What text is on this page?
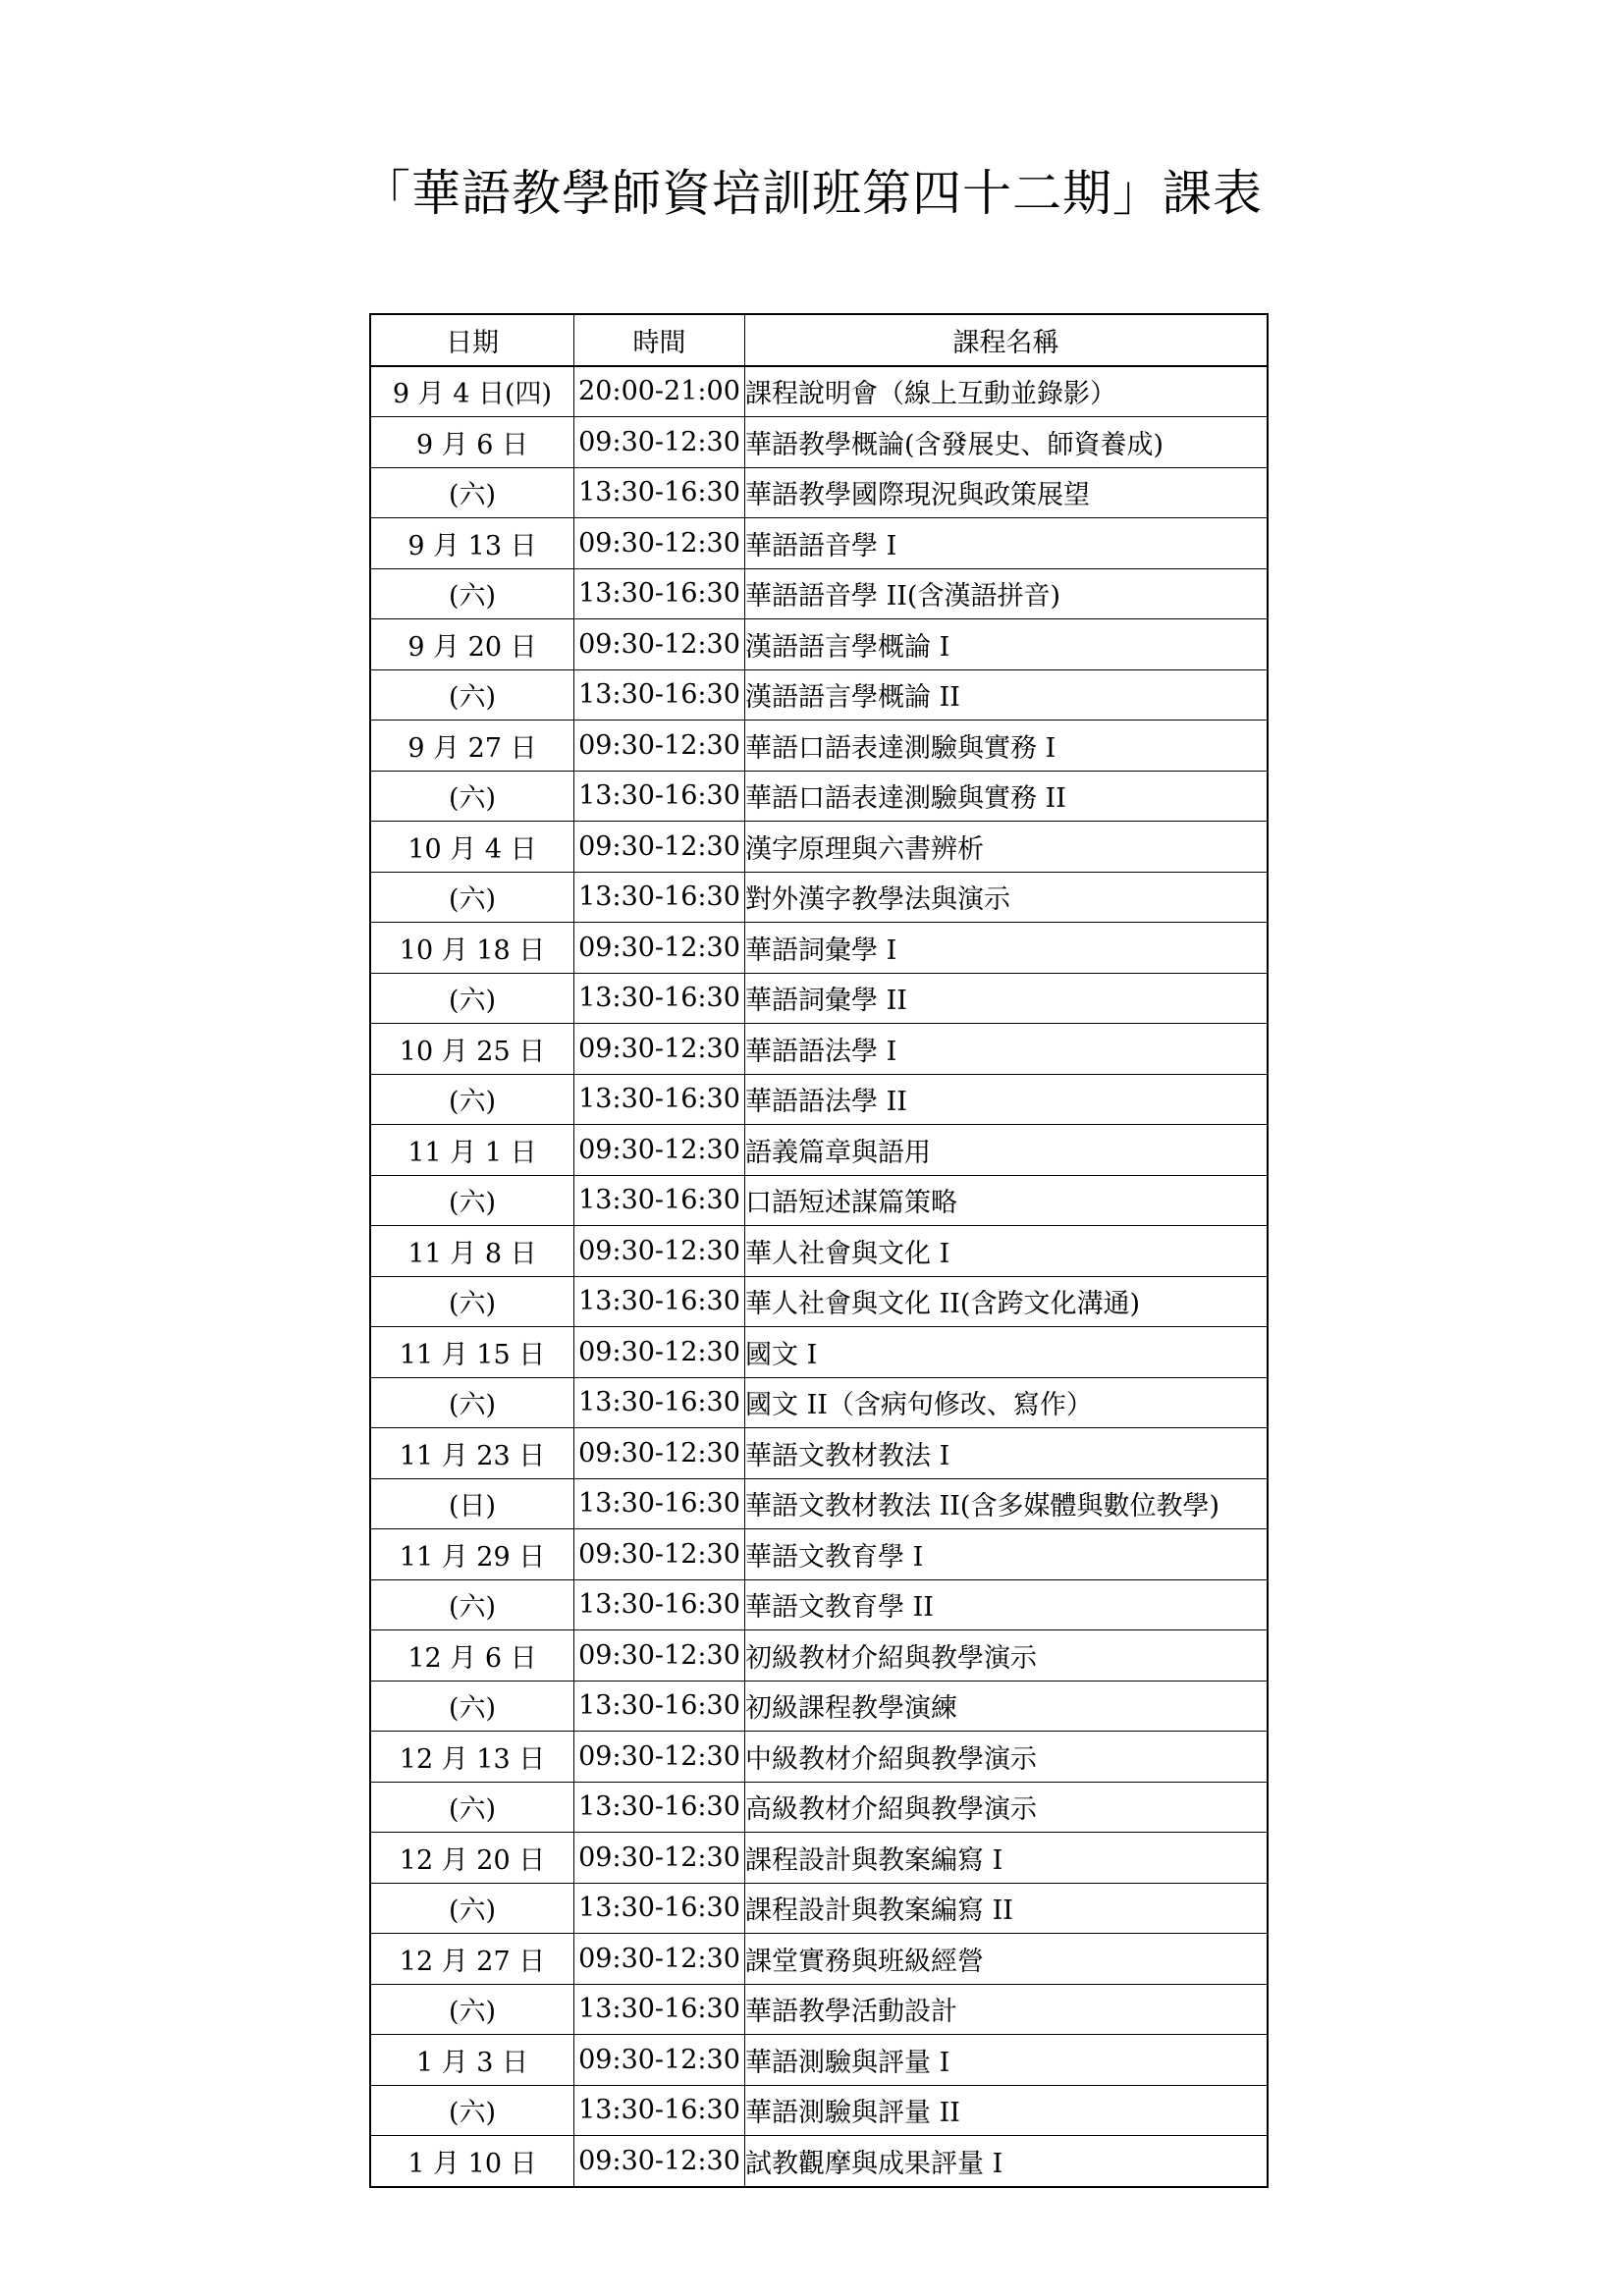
「華語教學師資培訓班第四十二期」課表
日期	時間	課程名稱
9 月 4 日(四)	20:00-21:00	課程說明會（線上互動並錄影）
9 月 6 日	09:30-12:30	華語教學概論(含發展史、師資養成)
(六)	13:30-16:30	華語教學國際現況與政策展望
9 月 13 日	09:30-12:30	華語語音學 I
(六)	13:30-16:30	華語語音學 II(含漢語拼音)
9 月 20 日	09:30-12:30	漢語語言學概論 I
(六)	13:30-16:30	漢語語言學概論 II
9 月 27 日	09:30-12:30	華語口語表達測驗與實務 I
(六)	13:30-16:30	華語口語表達測驗與實務 II
10 月 4 日	09:30-12:30	漢字原理與六書辨析
(六)	13:30-16:30	對外漢字教學法與演示
10 月 18 日	09:30-12:30	華語詞彙學 I
(六)	13:30-16:30	華語詞彙學 II
10 月 25 日	09:30-12:30	華語語法學 I
(六)	13:30-16:30	華語語法學 II
11 月 1 日	09:30-12:30	語義篇章與語用
(六)	13:30-16:30	口語短述謀篇策略
11 月 8 日	09:30-12:30	華人社會與文化 I
(六)	13:30-16:30	華人社會與文化 II(含跨文化溝通)
11 月 15 日	09:30-12:30	國文 I
(六)	13:30-16:30	國文 II（含病句修改、寫作）
11 月 23 日	09:30-12:30	華語文教材教法 I
(日)	13:30-16:30	華語文教材教法 II(含多媒體與數位教學)
11 月 29 日	09:30-12:30	華語文教育學 I
(六)	13:30-16:30	華語文教育學 II
12 月 6 日	09:30-12:30	初級教材介紹與教學演示
(六)	13:30-16:30	初級課程教學演練
12 月 13 日	09:30-12:30	中級教材介紹與教學演示
(六)	13:30-16:30	高級教材介紹與教學演示
12 月 20 日	09:30-12:30	課程設計與教案編寫 I
(六)	13:30-16:30	課程設計與教案編寫 II
12 月 27 日	09:30-12:30	課堂實務與班級經營
(六)	13:30-16:30	華語教學活動設計
1 月 3 日	09:30-12:30	華語測驗與評量 I
(六)	13:30-16:30	華語測驗與評量 II
1 月 10 日	09:30-12:30	試教觀摩與成果評量 I
